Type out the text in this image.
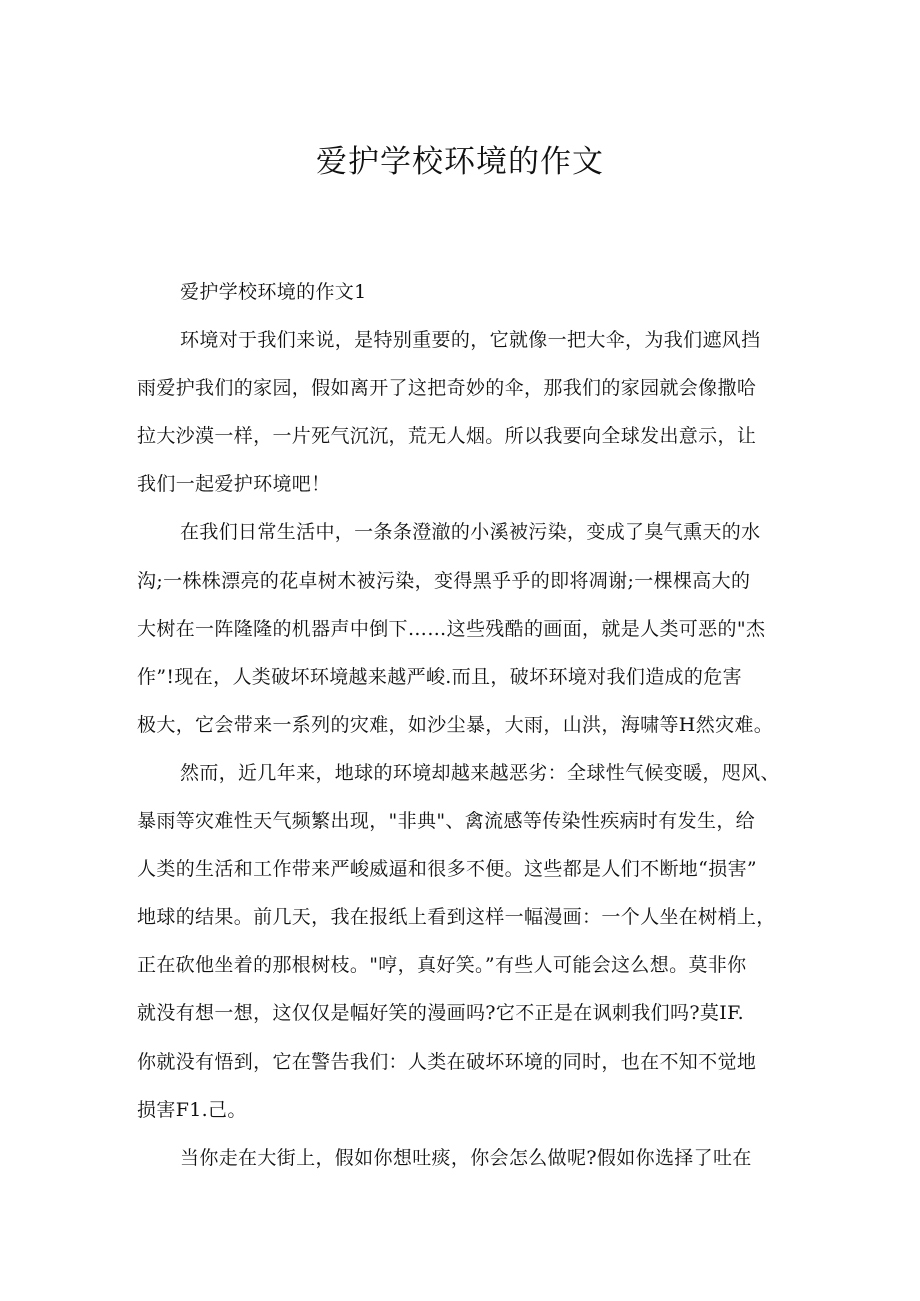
爱护学校环境的作文
爱护学校环境的作文1
环境对于我们来说，是特别重要的，它就像一把大伞，为我们遮风挡
雨爱护我们的家园，假如离开了这把奇妙的伞，那我们的家园就会像撒哈
拉大沙漠一样，一片死气沉沉，荒无人烟。所以我要向全球发出意示，让
我们一起爱护环境吧！
在我们日常生活中，一条条澄澈的小溪被污染，变成了臭气熏天的水
沟;一株株漂亮的花卓树木被污染，变得黑乎乎的即将凋谢;一棵棵高大的
大树在一阵隆隆的机器声中倒下……这些残酷的画面，就是人类可恶的"杰
作”!现在，人类破坏环境越来越严峻.而且，破坏环境对我们造成的危害
极大，它会带来一系列的灾难，如沙尘暴，大雨，山洪，海啸等H然灾难。
然而，近几年来，地球的环境却越来越恶劣：全球性气候变暖，咫风、
暴雨等灾难性天气频繁出现，"非典"、禽流感等传染性疾病时有发生，给
人类的生活和工作带来严峻威逼和很多不便。这些都是人们不断地“损害”
地球的结果。前几天，我在报纸上看到这样一幅漫画：一个人坐在树梢上，
正在砍他坐着的那根树枝。"哼，真好笑。”有些人可能会这么想。莫非你
就没有想一想，这仅仅是幅好笑的漫画吗?它不正是在讽刺我们吗?莫IF.
你就没有悟到，它在警告我们：人类在破坏环境的同时，也在不知不觉地
损害F1.己。
当你走在大街上，假如你想吐痰，你会怎么做呢?假如你选择了吐在
